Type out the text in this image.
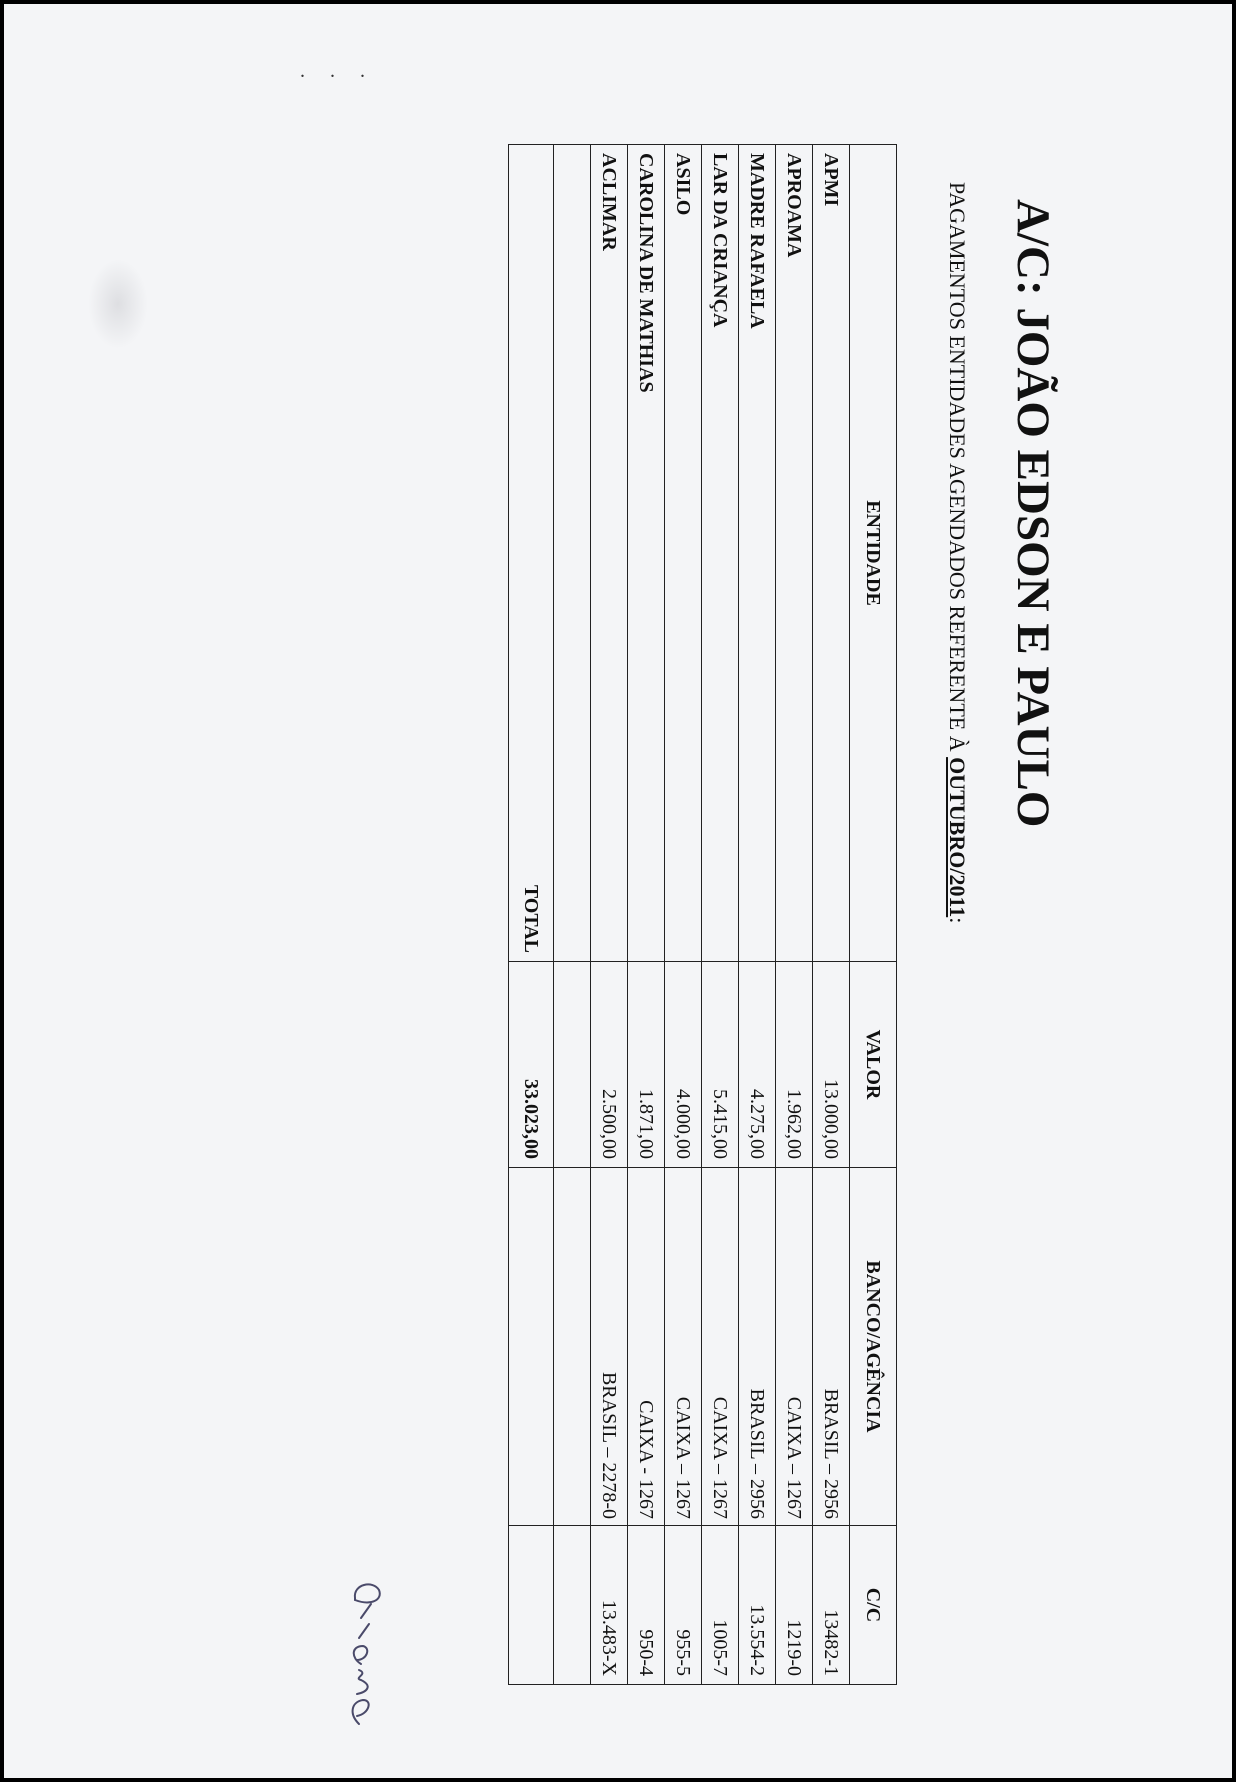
. . .
A/C: JOÃO EDSON E PAULO
PAGAMENTOS ENTIDADES AGENDADOS REFERENTE À OUTUBRO/2011:
ENTIDADE	VALOR	BANCO/AGÊNCIA	C/C
APMI	13.000,00	BRASIL – 2956	13482-1
APROAMA	1.962,00	CAIXA – 1267	1219-0
MADRE RAFAELA	4.275,00	BRASIL – 2956	13.554-2
LAR DA CRIANÇA	5.415,00	CAIXA – 1267	1005-7
ASILO	4.000,00	CAIXA – 1267	955-5
CAROLINA DE MATHIAS	1.871,00	CAIXA - 1267	950-4
ACLIMAR	2.500,00	BRASIL – 2278-0	13.483-X

TOTAL	33.023,00		
